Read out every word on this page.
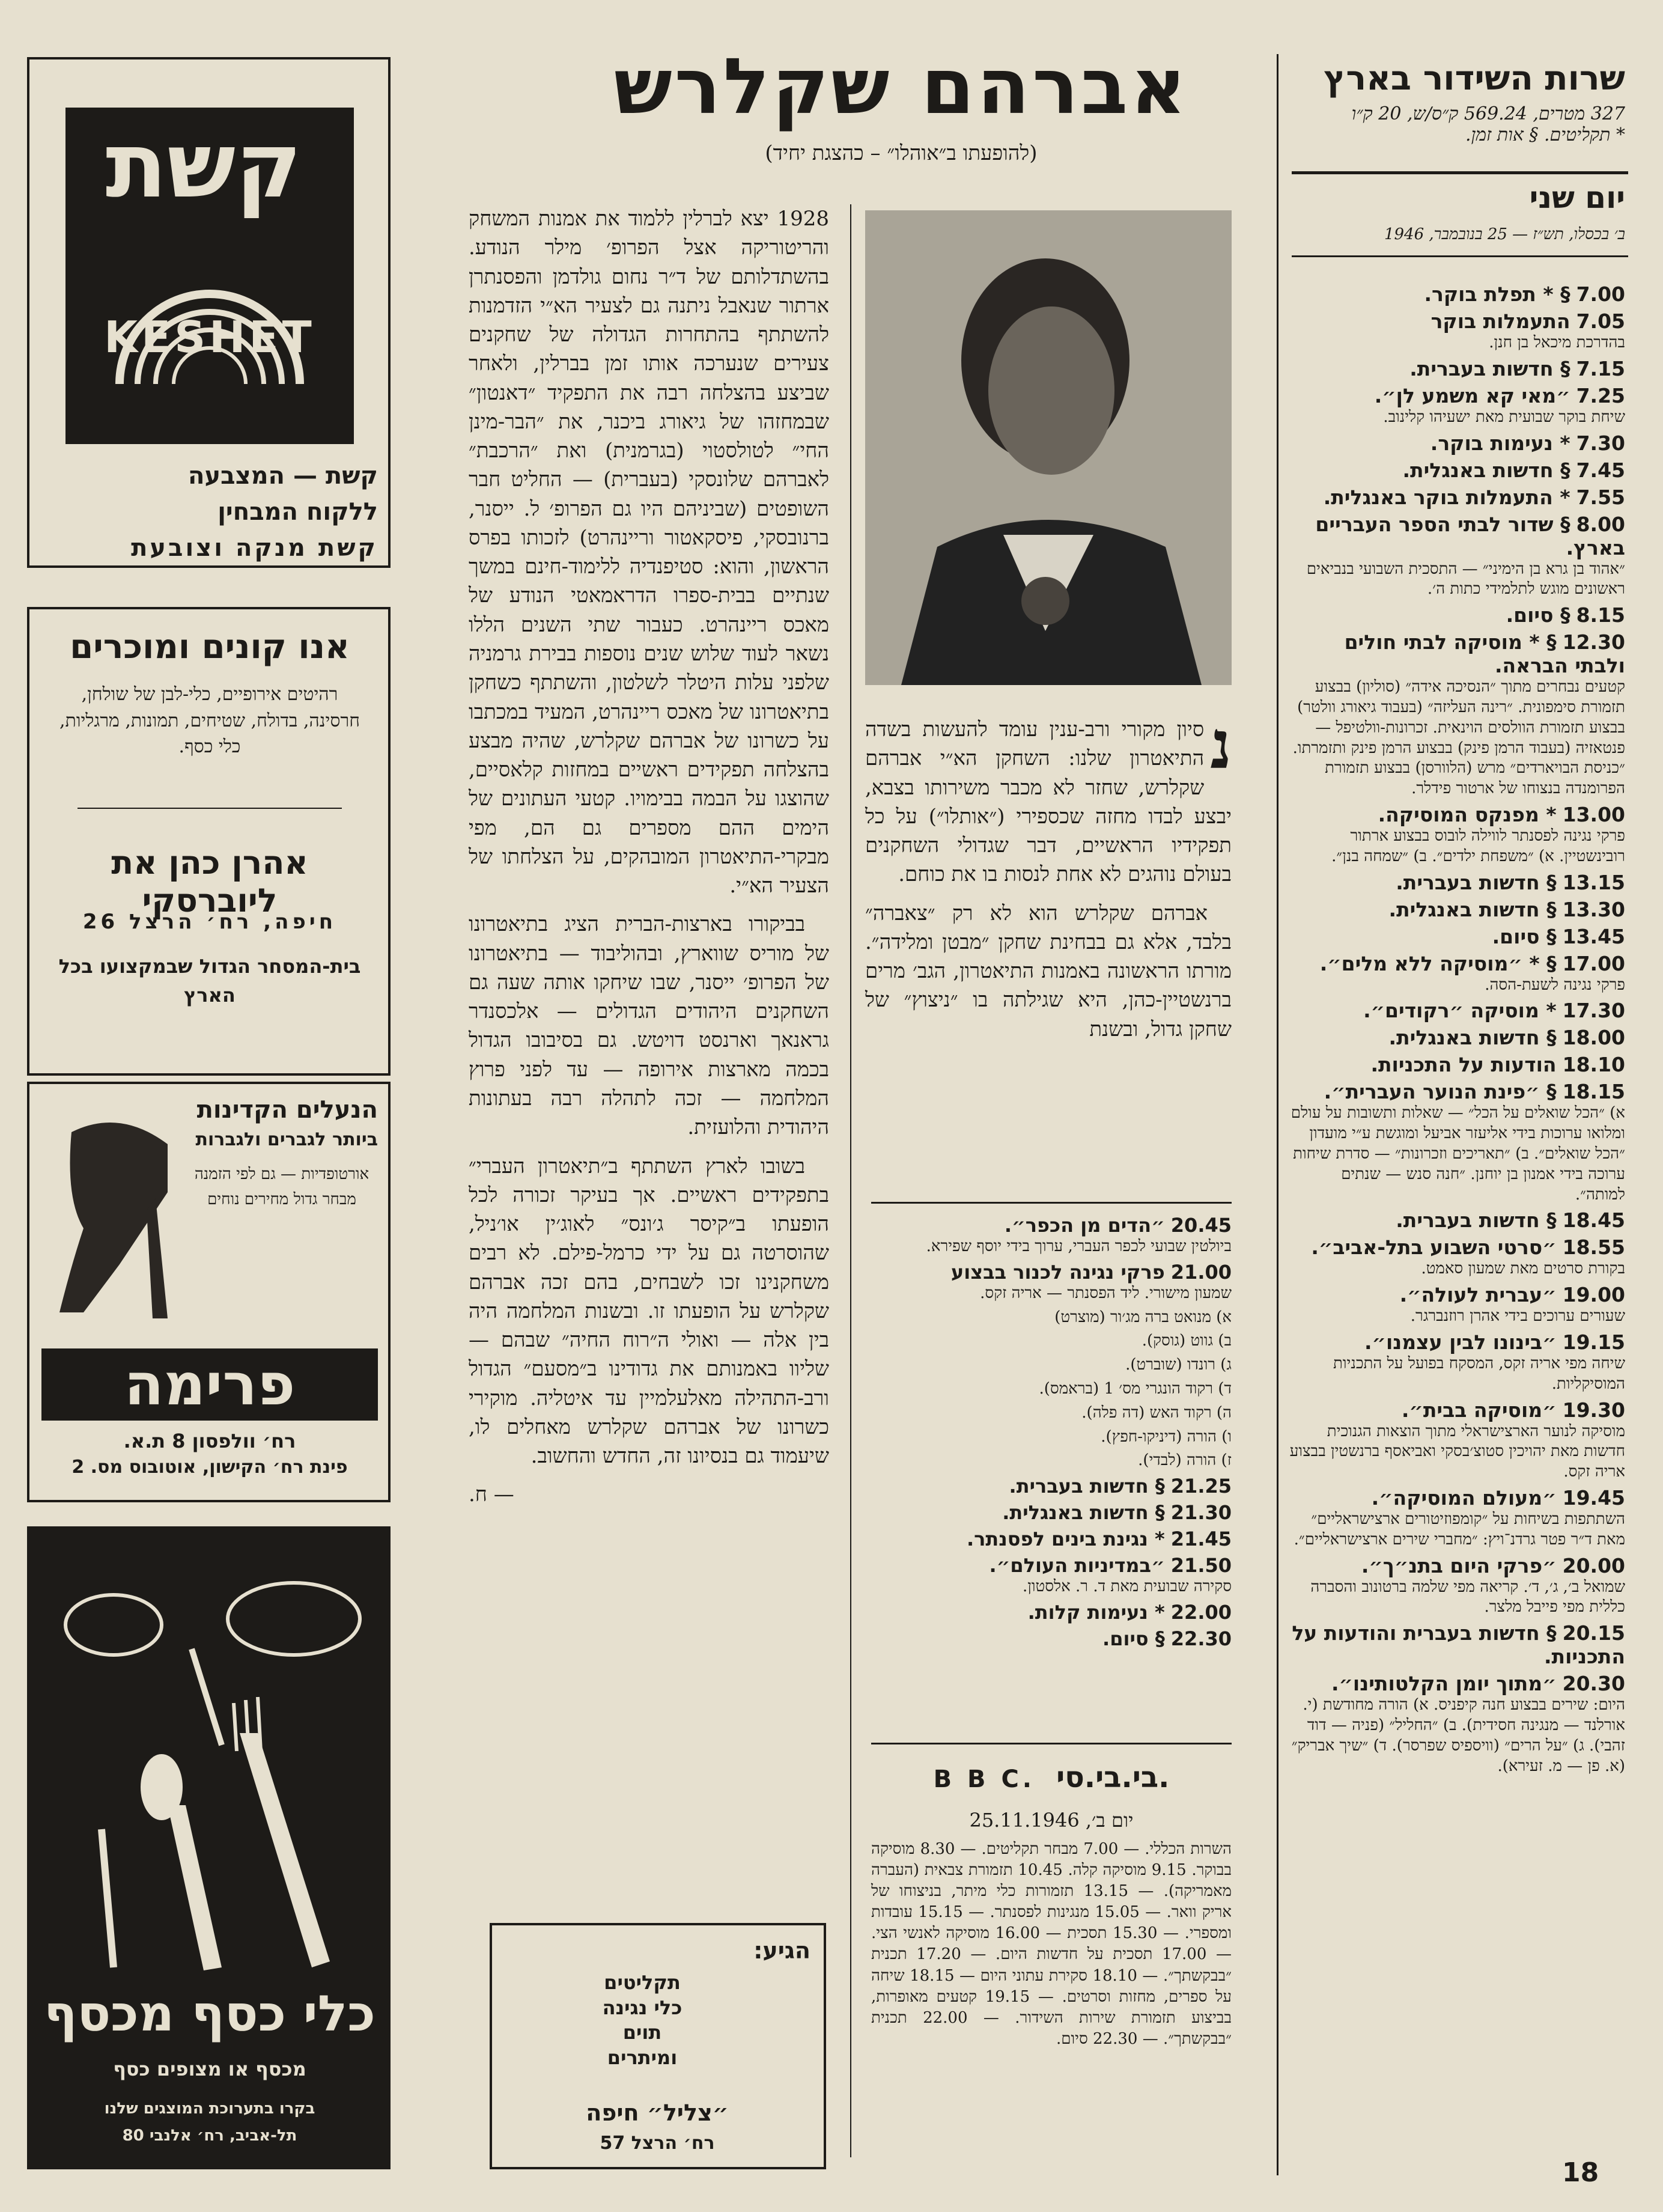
שרות השידור בארץ
327 מטרים, 569.24 ק״ס/ש, 20 ק״ו
* תקליטים. § אות זמן.
יום שני
ב׳ בכסלו, תש״ז — 25 בנובמבר, 1946
7.00§ * תפלת בוקר.
7.05התעמלות בוקר
בהדרכת מיכאל בן חנן.
7.15§ חדשות בעברית.
7.25״מאי קא משמע לן״.
שיחת בוקר שבועית מאת ישעיהו קלינוב.
7.30* נעימות בוקר.
7.45§ חדשות באנגלית.
7.55* התעמלות בוקר באנגלית.
8.00§ שדור לבתי הספר העבריים בארץ.
״אהוד בן גרא בן הימיני״ — התסכית השבועי בנביאים ראשונים מוגש לתלמידי כתות ה׳.
8.15§ סיום.
12.30§ * מוסיקה לבתי חולים ולבתי הבראה.
קטעים נבחרים מתוך ״הנסיכה אידה״ (סוליון) בבצוע תזמורת סימפונית. ״רינה העליזה״ (בעבוד גיאורג וולטר) בבצוע תזמורת הוולסים הוינאית. זכרונות-וולטיפל — פנטאזיה (בעבוד הרמן פינק) בבצוע הרמן פינק ותזמרתו. ״כניסת הבויארדים״ מרש (הלוורסן) בבצוע תזמורת הפרומנדה בנצוחו של ארטור פידלר.
13.00* מפנקס המוסיקה.
פרקי נגינה לפסנתר לווילה לובוס בבצוע ארתור רובינשטיין. א) ״משפחת ילדים״. ב) ״שמחה בנן״.
13.15§ חדשות בעברית.
13.30§ חדשות באנגלית.
13.45§ סיום.
17.00§ * ״מוסיקה ללא מלים״.
פרקי נגינה לשעת-הסה.
17.30* מוסיקה ״רקודים״.
18.00§ חדשות באנגלית.
18.10הודעות על התכניות.
18.15§ ״פינת הנוער העברית״.
א) ״הכל שואלים על הכל״ — שאלות ותשובות על עולם ומלואו ערוכות בידי אליעזר אביעל ומוגשת ע״י מועדון ״הכל שואלים״. ב) ״תאריכים וזכרונות״ — סדרת שיחות ערוכה בידי אמנון בן יוחנן. ״חנה סנש — שנתים למותה״.
18.45§ חדשות בעברית.
18.55״סרטי השבוע בתל-אביב״.
בקורת סרטים מאת שמעון סאמט.
19.00״עברית לעולה״.
שעורים ערוכים בידי אהרן רוזנברגר.
19.15״בינונו לבין עצמנו״.
שיחה מפי אריה זקס, המסקח בפועל על התכניות המוסיקליות.
19.30״מוסיקה בבית״.
מוסיקה לנוער הארצישראלי מתוך הוצאות הגנוכית חדשות מאת יהויכין סטוצ׳בסקי ואביאסף ברנשטין בבצוע אריה זקס.
19.45״מעולם המוסיקה״.
השתתפות בשיחות על ״קומפוזיטורים ארצישראליים״ מאת ד״ר פטר גרדנ־ויץ: ״מחברי שירים ארצישראליים״.
20.00״פרקי היום בתנ״ך״.
שמואל ב׳, ג׳, ד׳. קריאה מפי שלמה ברטונוב והסברה כללית מפי פייבל מלצר.
20.15§ חדשות בעברית והודעות על התכניות.
20.30״מתוך יומן הקלטותינו״.
היום: שירים בבצוע חנה קיפניס. א) הורה מחודשת (י. אורלנד — מנגינה חסידית). ב) ״החליל״ (פניה — דוד זהבי). ג) ״על הרים״ (וויספיס שפרסר). ד) ״שיך אבריק״ (א. פן — מ. זעירא).
אברהם שקלרש
(להופעתו ב״אוהלו״ – כהצגת יחיד)

1928 יצא לברלין ללמוד את אמנות המשחק והריטוריקה אצל הפרופ׳ מילר הנודע. בהשתדלותם של ד״ר נחום גולדמן והפסנתרן ארתור שנאבל ניתנה גם לצעיר הא״י הזדמנות להשתתף בהתחרות הגדולה של שחקנים צעירים שנערכה אותו זמן בברלין, ולאחר שביצע בהצלחה רבה את התפקיד ״דאנטון״ שבמחזהו של גיאורג ביכנר, את ״הבר-מינן החי״ לטולסטוי (בגרמנית) ואת ״הרכבת״ לאברהם שלונסקי (בעברית) — החליט חבר השופטים (שביניהם היו גם הפרופ׳ ל. ייסנר, ברנובסקי, פיסקאטור וריינהרט) לזכותו בפרס הראשון, והוא: סטיפנדיה ללימוד-חינם במשך שנתיים בבית-ספרו הדראמאטי הנודע של מאכס ריינהרט. כעבור שתי השנים הללו נשאר לעוד שלוש שנים נוספות בבירת גרמניה שלפני עלות היטלר לשלטון, והשתתף כשחקן בתיאטרונו של מאכס ריינהרט, המעיד במכתבו על כשרונו של אברהם שקלרש, שהיה מבצע בהצלחה תפקידים ראשיים במחזות קלאסיים, שהוצגו על הבמה בבימויו. קטעי העתונים של הימים ההם מספרים גם הם, מפי מבקרי-התיאטרון המובהקים, על הצלחתו של הצעיר הא״י.

בביקורו בארצות-הברית הציג בתיאטרונו של מוריס שווארץ, ובהוליבוד — בתיאטרונו של הפרופ׳ ייסנר, שבו שיחקו אותה שעה גם השחקנים היהודים הגדולים — אלכסנדר גראנאך וארנסט דויטש. גם בסיבובו הגדול בכמה מארצות אירופה — עד לפני פרוץ המלחמה — זכה לתהלה רבה בעתונות היהודית והלועזית.

בשובו לארץ השתתף ב״תיאטרון העברי״ בתפקידים ראשיים. אך בעיקר זכורה לכל הופעתו ב״קיסר ג׳ונס״ לאוג׳ין או׳ניל, שהוסרטה גם על ידי כרמל-פילם. לא רבים משחקנינו זכו לשבחים, בהם זכה אברהם שקלרש על הופעתו זו. ובשנות המלחמה היה בין אלה — ואולי ה״רוח החיה״ שבהם — שליוו באמנותם את גדודינו ב״מסעם״ הגדול ורב-התהילה מאלעלמיין עד איטליה. מוקירי כשרונו של אברהם שקלרש מאחלים לו, שיעמוד גם בנסיונו זה, החדש והחשוב.

— ח.
נ
סיון מקורי ורב-ענין עומד להעשות בשדה התיאטרון שלנו: השחקן הא״י אברהם שקלרש, שחזר לא מכבר משירותו בצבא, יבצע לבדו מחזה שכספירי (״אותלו״) על כל תפקידיו הראשיים, דבר שגדולי השחקנים בעולם נוהגים לא אחת לנסות בו את כוחם.

אברהם שקלרש הוא לא רק ״צאברה״ בלבד, אלא גם בבחינת שחקן ״מבטן ומלידה״. מורתו הראשונה באמנות התיאטרון, הגב׳ מרים ברנשטיין-כהן, היא שגילתה בו ״ניצוץ״ של שחקן גדול, ובשנת

20.45״הדים מן הכפר״.
ביולטין שבועי לכפר העברי, ערוך בידי יוסף שפירא.
21.00פרקי נגינה לכנור בבצוע
שמעון מישורי. ליד הפסנתר — אריה זקס.
א) מנואט ברה מג׳ור (מוצרט)
ב) גווט (גוסק).
ג) רונדו (שוברט).
ד) רקוד הונגרי מס׳ 1 (בראמס).
ה) רקוד האש (דה פלה).
ו) הורה (דיניקו-חפץ).
ז) הורה (לבדי).
21.25§ חדשות בעברית.
21.30§ חדשות באנגלית.
21.45* נגינת בינים לפסנתר.
21.50״במדיניות העולם״.
סקירה שבועית מאת ד. ר. אלסטון.
22.00* נעימות קלות.
22.30§ סיום.
B B C. בי.בי.סי.
יום ב׳, 25.11.1946
השרות הכללי. — 7.00 מבחר תקליטים. — 8.30 מוסיקה בבוקר. 9.15 מוסיקה קלה. 10.45 תזמורת צבאית (העברה מאמריקה). — 13.15 תזמורות כלי מיתר, בניצוחו של אריק וואר. — 15.05 מנגינות לפסנתר. — 15.15 עובדות ומספרי. — 15.30 תסכית — 16.00 מוסיקה לאנשי הצי. — 17.00 תסכית על חדשות היום. — 17.20 תכנית ״בבקשתך״. — 18.10 סקירת עתוני היום — 18.15 שיחה על ספרים, מחזות וסרטים. — 19.15 קטעים מאופרות, בביצוע תזמורת שירות השידור. — 22.00 תכנית ״בבקשתך״. — 22.30 סיום.
18
קשת
KESHET
קשת — המצבעה
ללקוח המבחין
קשת מנקה וצובעת
אנו קונים ומוכרים
רהיטים אירופיים, כלי-לבן של שולחן, חרסינה, בדולח, שטיחים, תמונות, מרגליות, כלי כסף.
אהרן כהן את ליוברסקי
חיפה, רח׳ הרצל 26
בית-המסחר הגדול שבמקצועו בכל הארץ
הנעלים הקדינות
ביותר לגברים ולגברות
אורטופדיות — גם לפי הזמנה מבחר גדול מחירים נוחים
פרימה
רח׳ וולפסון 8 ת.א.
פינת רח׳ הקישון, אוטובוס מס. 2
כלי כסף מכסף
מכסף או מצופים כסף
בקרו בתערוכת המוצגים שלנו
תל-אביב, רח׳ אלנבי 80
הגיע:
תקליטים
כלי נגינה
תוים
ומיתרים
״צליל״ חיפה
רח׳ הרצל 57
